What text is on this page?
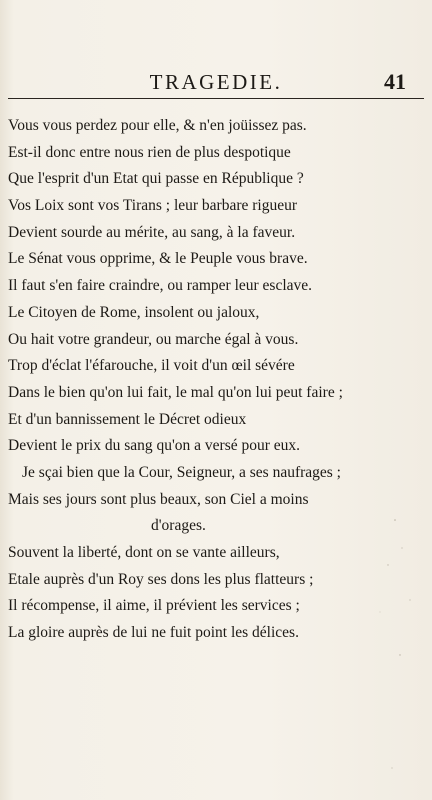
TRAGEDIE.	41
Vous vous perdez pour elle, & n'en joüissez pas.
Est-il donc entre nous rien de plus despotique
Que l'esprit d'un Etat qui passe en République ?
Vos Loix sont vos Tirans ; leur barbare rigueur
Devient sourde au mérite, au sang, à la faveur.
Le Sénat vous opprime, & le Peuple vous brave.
Il faut s'en faire craindre, ou ramper leur esclave.
Le Citoyen de Rome, insolent ou jaloux,
Ou hait votre grandeur, ou marche égal à vous.
Trop d'éclat l'éfarouche, il voit d'un œil sévére
Dans le bien qu'on lui fait, le mal qu'on lui peut faire ;
Et d'un bannissement le Décret odieux
Devient le prix du sang qu'on a versé pour eux.
Je sçai bien que la Cour, Seigneur, a ses naufrages ;
Mais ses jours sont plus beaux, son Ciel a moins
d'orages.
Souvent la liberté, dont on se vante ailleurs,
Etale auprès d'un Roy ses dons les plus flatteurs ;
Il récompense, il aime, il prévient les services ;
La gloire auprès de lui ne fuit point les délices.
